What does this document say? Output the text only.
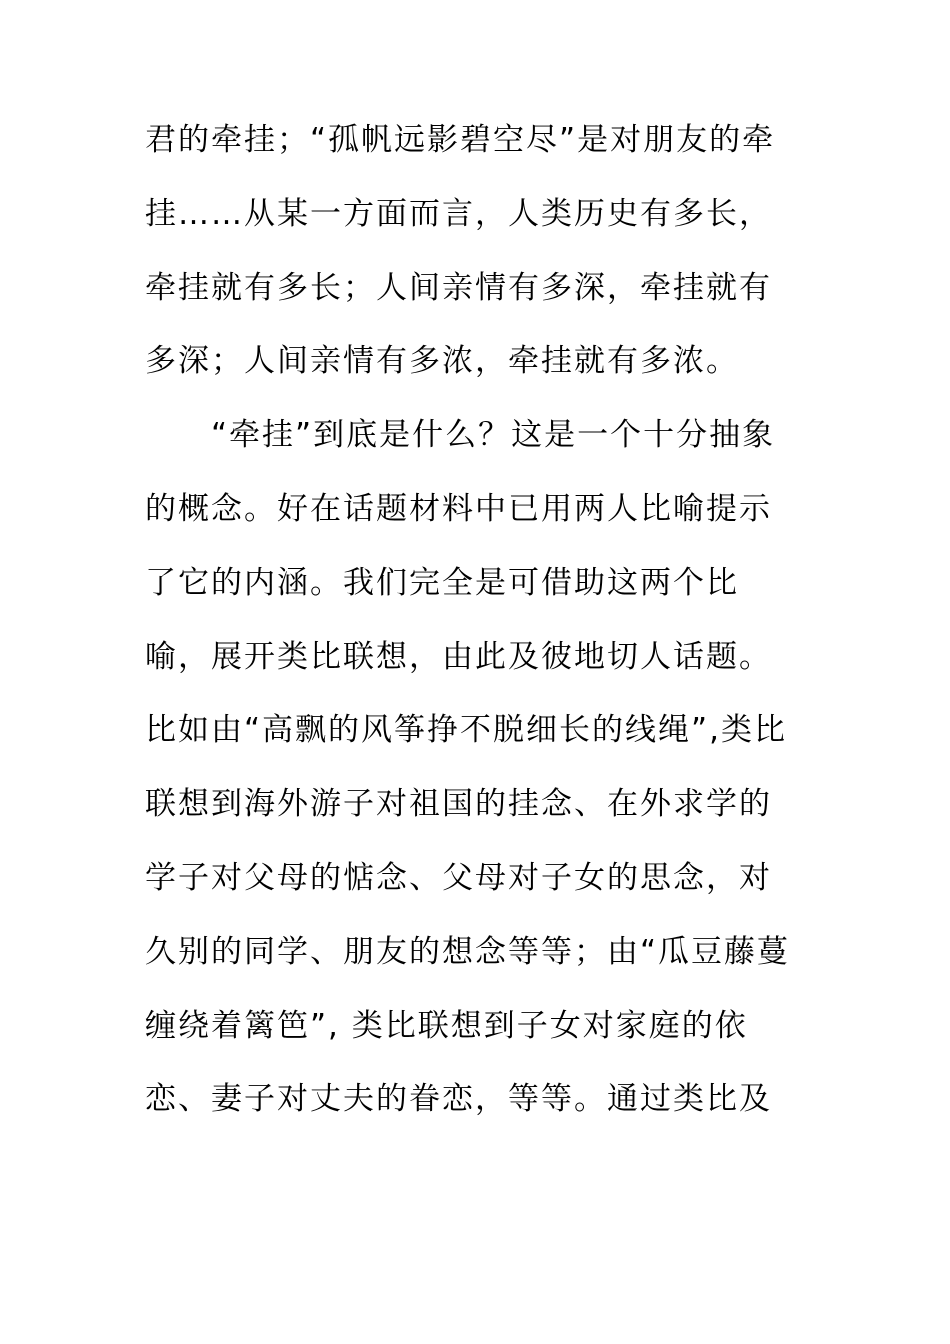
君的牵挂；“孤帆远影碧空尽”是对朋友的牵
挂……从某一方面而言，人类历史有多长，
牵挂就有多长；人间亲情有多深，牵挂就有
多深；人间亲情有多浓，牵挂就有多浓。
　　“牵挂”到底是什么？这是一个十分抽象
的概念。好在话题材料中已用两人比喻提示
了它的内涵。我们完全是可借助这两个比
喻，展开类比联想，由此及彼地切人话题。
比如由“高飘的风筝挣不脱细长的线绳”,类比
联想到海外游子对祖国的挂念、在外求学的
学子对父母的惦念、父母对子女的思念，对
久别的同学、朋友的想念等等；由“瓜豆藤蔓
缠绕着篱笆”, 类比联想到子女对家庭的依
恋、妻子对丈夫的眷恋，等等。通过类比及
